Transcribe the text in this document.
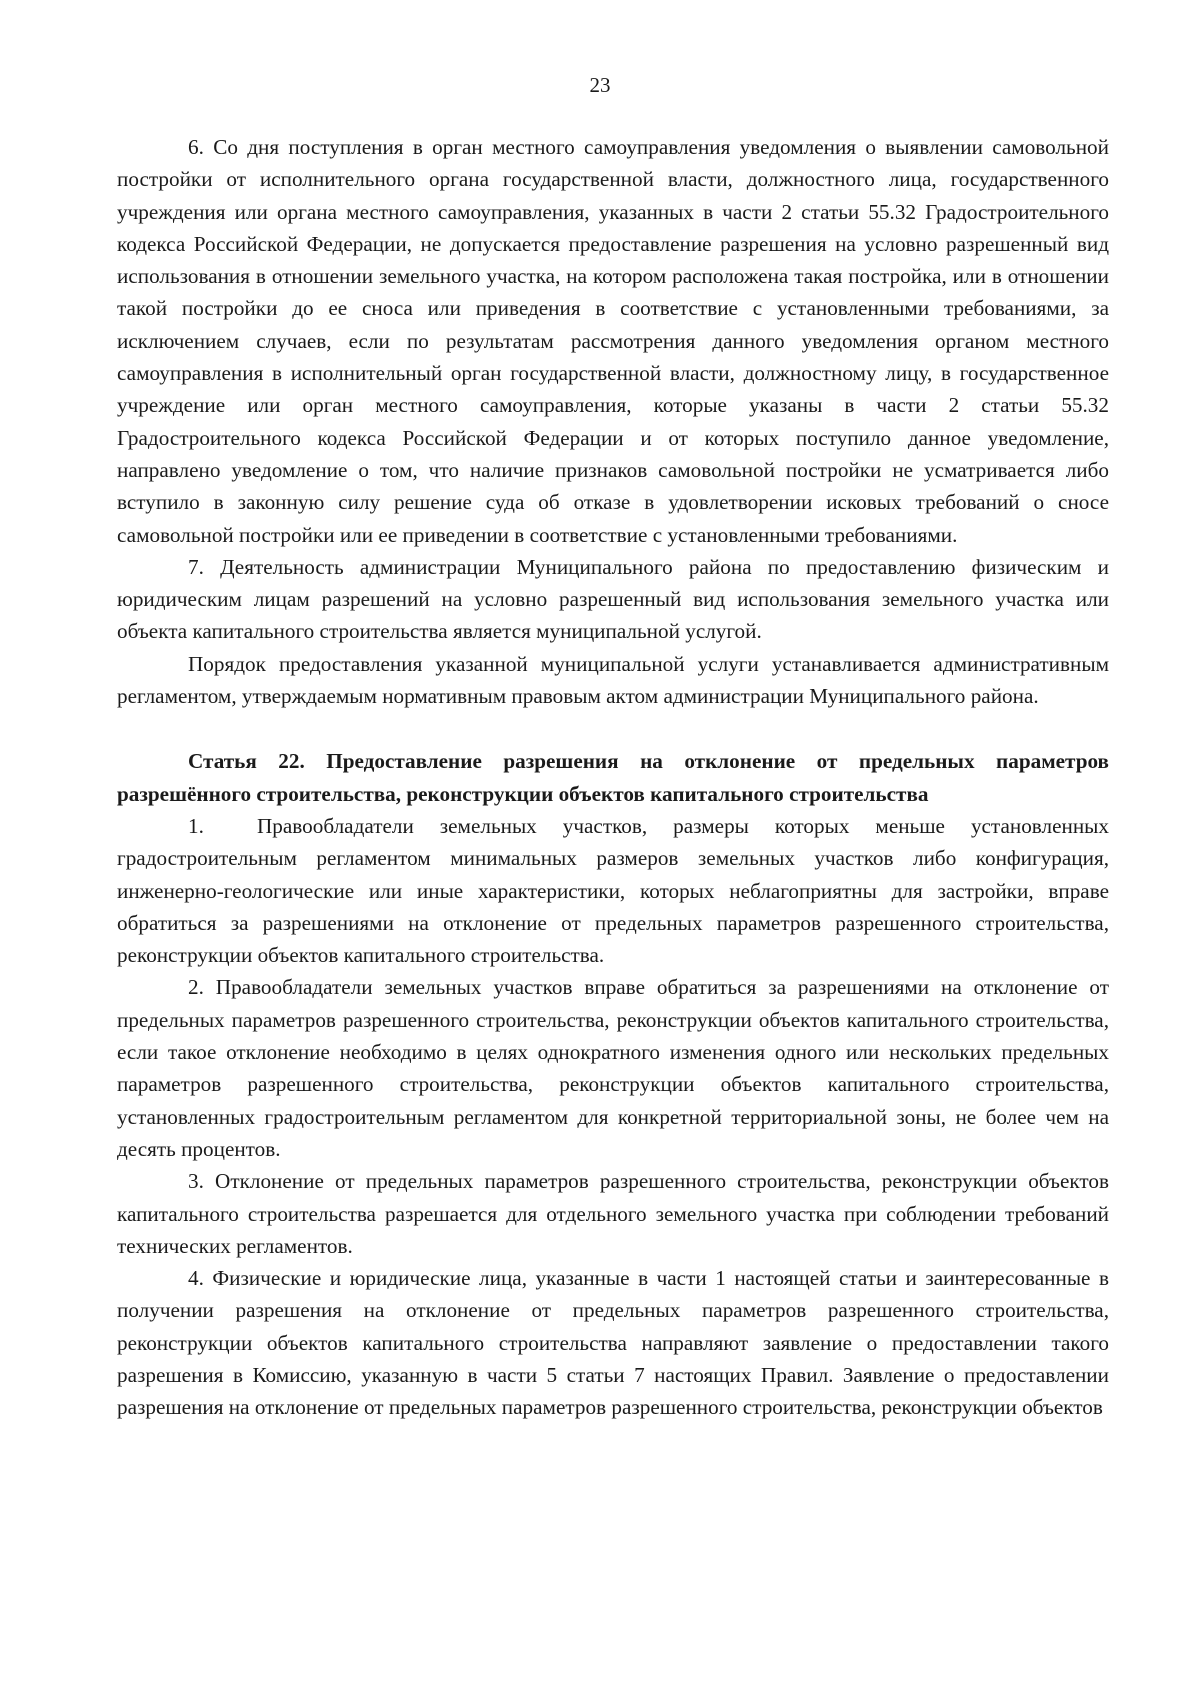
23

6. Со дня поступления в орган местного самоуправления уведомления о выявлении самовольной постройки от исполнительного органа государственной власти, должностного лица, государственного учреждения или органа местного самоуправления, указанных в части 2 статьи 55.32 Градостроительного кодекса Российской Федерации, не допускается предоставление разрешения на условно разрешенный вид использования в отношении земельного участка, на котором расположена такая постройка, или в отношении такой постройки до ее сноса или приведения в соответствие с установленными требованиями, за исключением случаев, если по результатам рассмотрения данного уведомления органом местного самоуправления в исполнительный орган государственной власти, должностному лицу, в государственное учреждение или орган местного самоуправления, которые указаны в части 2 статьи 55.32 Градостроительного кодекса Российской Федерации и от которых поступило данное уведомление, направлено уведомление о том, что наличие признаков самовольной постройки не усматривается либо вступило в законную силу решение суда об отказе в удовлетворении исковых требований о сносе самовольной постройки или ее приведении в соответствие с установленными требованиями.

7. Деятельность администрации Муниципального района по предоставлению физическим и юридическим лицам разрешений на условно разрешенный вид использования земельного участка или объекта капитального строительства является муниципальной услугой.

Порядок предоставления указанной муниципальной услуги устанавливается административным регламентом, утверждаемым нормативным правовым актом администрации Муниципального района.

Статья 22. Предоставление разрешения на отклонение от предельных параметров разрешённого строительства, реконструкции объектов капитального строительства

1.	Правообладатели земельных участков, размеры которых меньше установленных градостроительным регламентом минимальных размеров земельных участков либо конфигурация, инженерно-геологические или иные характеристики, которых неблагоприятны для застройки, вправе обратиться за разрешениями на отклонение от предельных параметров разрешенного строительства, реконструкции объектов капитального строительства.

2. Правообладатели земельных участков вправе обратиться за разрешениями на отклонение от предельных параметров разрешенного строительства, реконструкции объектов капитального строительства, если такое отклонение необходимо в целях однократного изменения одного или нескольких предельных параметров разрешенного строительства, реконструкции объектов капитального строительства, установленных градостроительным регламентом для конкретной территориальной зоны, не более чем на десять процентов.

3. Отклонение от предельных параметров разрешенного строительства, реконструкции объектов капитального строительства разрешается для отдельного земельного участка при соблюдении требований технических регламентов.

4. Физические и юридические лица, указанные в части 1 настоящей статьи и заинтересованные в получении разрешения на отклонение от предельных параметров разрешенного строительства, реконструкции объектов капитального строительства направляют заявление о предоставлении такого разрешения в Комиссию, указанную в части 5 статьи 7 настоящих Правил. Заявление о предоставлении разрешения на отклонение от предельных параметров разрешенного строительства, реконструкции объектов
